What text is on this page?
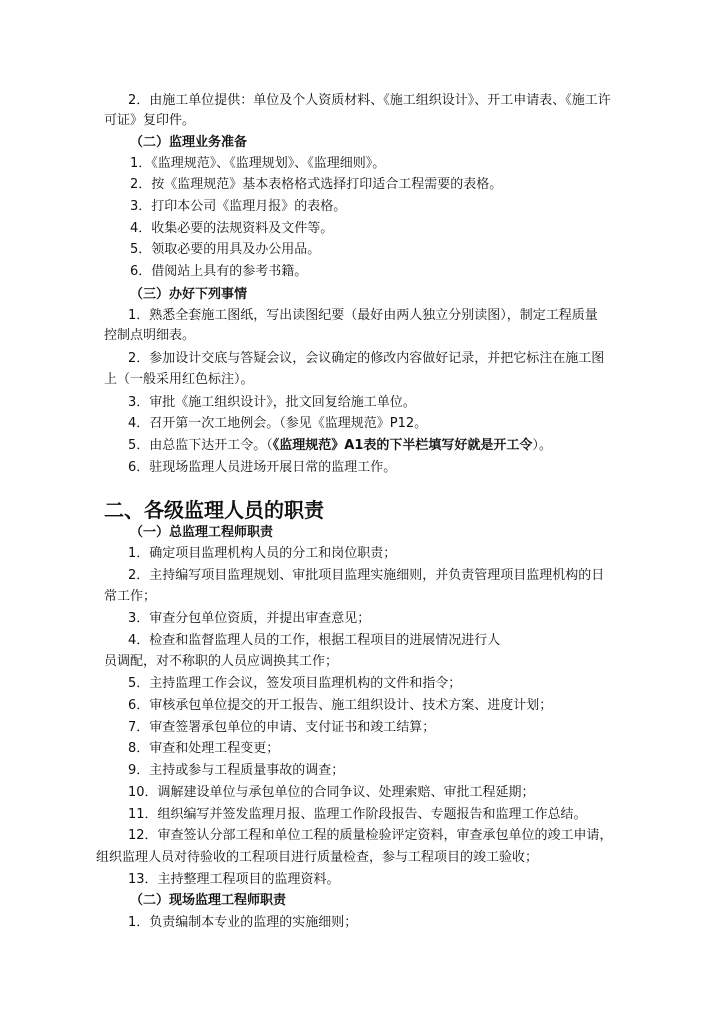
2．由施工单位提供：单位及个人资质材料、《施工组织设计》、开工申请表、《施工许
可证》复印件。
（二）监理业务准备
1．《监理规范》、《监理规划》、《监理细则》。
2．按《监理规范》基本表格格式选择打印适合工程需要的表格。
3．打印本公司《监理月报》的表格。
4．收集必要的法规资料及文件等。
5．领取必要的用具及办公用品。
6．借阅站上具有的参考书籍。
（三）办好下列事情
1．熟悉全套施工图纸，写出读图纪要（最好由两人独立分别读图），制定工程质量
控制点明细表。
2．参加设计交底与答疑会议，会议确定的修改内容做好记录，并把它标注在施工图
上（一般采用红色标注）。
3．审批《施工组织设计》，批文回复给施工单位。
4．召开第一次工地例会。（参见《监理规范》P12。
5．由总监下达开工令。（《监理规范》A1表的下半栏填写好就是开工令）。
6．驻现场监理人员进场开展日常的监理工作。
二、各级监理人员的职责
（一）总监理工程师职责
1．确定项目监理机构人员的分工和岗位职责；
2．主持编写项目监理规划、审批项目监理实施细则，并负责管理项目监理机构的日
常工作；
3．审查分包单位资质，并提出审查意见；
4．检查和监督监理人员的工作，根据工程项目的进展情况进行人
员调配，对不称职的人员应调换其工作；
5．主持监理工作会议，签发项目监理机构的文件和指令；
6．审核承包单位提交的开工报告、施工组织设计、技术方案、进度计划；
7．审查签署承包单位的申请、支付证书和竣工结算；
8．审查和处理工程变更；
9．主持或参与工程质量事故的调查；
10．调解建设单位与承包单位的合同争议、处理索赔、审批工程延期；
11．组织编写并签发监理月报、监理工作阶段报告、专题报告和监理工作总结。
12．审查签认分部工程和单位工程的质量检验评定资料，审查承包单位的竣工申请，
组织监理人员对待验收的工程项目进行质量检查，参与工程项目的竣工验收；
13．主持整理工程项目的监理资料。
（二）现场监理工程师职责
1．负责编制本专业的监理的实施细则；
